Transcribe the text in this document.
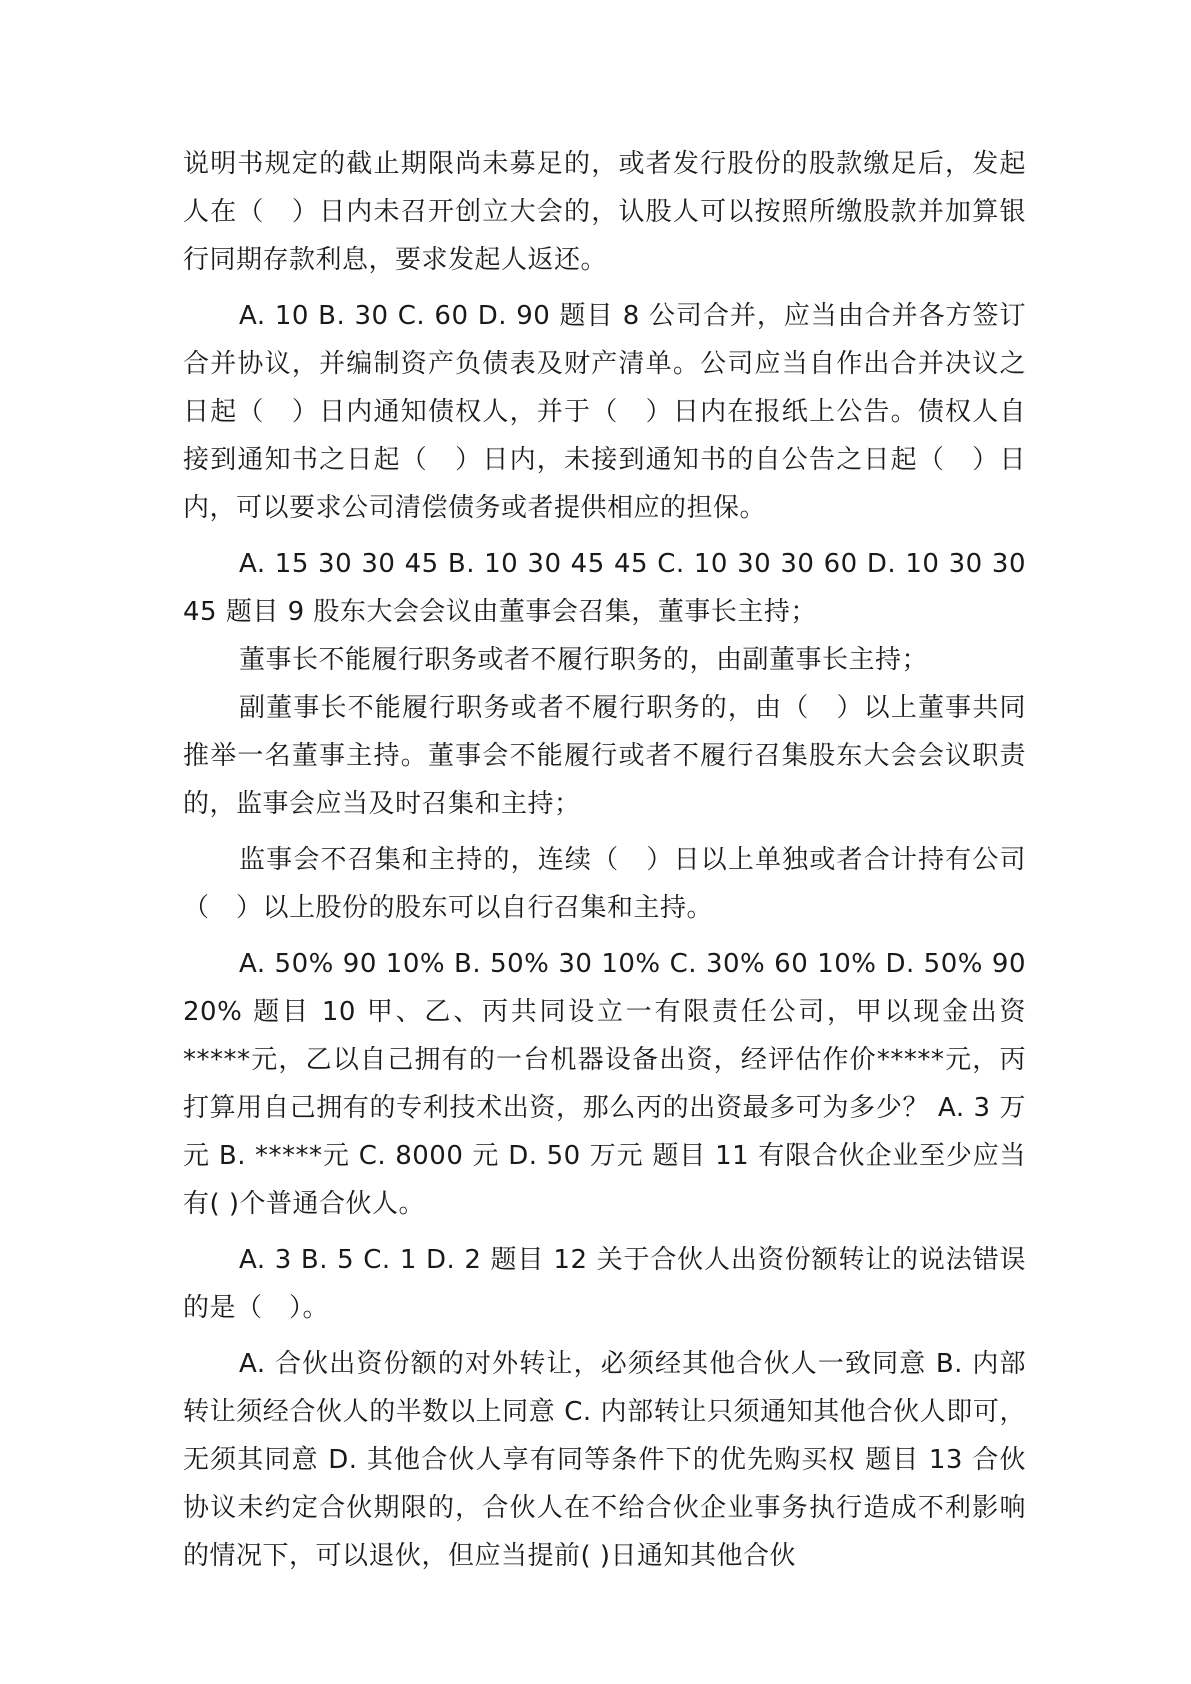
说明书规定的截止期限尚未募足的，或者发行股份的股款缴足后，发起人在（　）日内未召开创立大会的，认股人可以按照所缴股款并加算银行同期存款利息，要求发起人返还。

A. 10 B. 30 C. 60 D. 90 题目 8 公司合并，应当由合并各方签订合并协议，并编制资产负债表及财产清单。公司应当自作出合并决议之日起（　）日内通知债权人，并于（　）日内在报纸上公告。债权人自接到通知书之日起（　）日内，未接到通知书的自公告之日起（　）日内，可以要求公司清偿债务或者提供相应的担保。

A. 15 30 30 45 B. 10 30 45 45 C. 10 30 30 60 D. 10 30 30 45 题目 9 股东大会会议由董事会召集，董事长主持；

董事长不能履行职务或者不履行职务的，由副董事长主持；

副董事长不能履行职务或者不履行职务的，由（　）以上董事共同推举一名董事主持。董事会不能履行或者不履行召集股东大会会议职责的，监事会应当及时召集和主持；

监事会不召集和主持的，连续（　）日以上单独或者合计持有公司（　）以上股份的股东可以自行召集和主持。

A. 50% 90 10% B. 50% 30 10% C. 30% 60 10% D. 50% 90 20% 题目 10 甲、乙、丙共同设立一有限责任公司，甲以现金出资*****元，乙以自己拥有的一台机器设备出资，经评估作价*****元，丙打算用自己拥有的专利技术出资，那么丙的出资最多可为多少？ A. 3 万元 B. *****元 C. 8000 元 D. 50 万元 题目 11 有限合伙企业至少应当有( )个普通合伙人。

A. 3 B. 5 C. 1 D. 2 题目 12 关于合伙人出资份额转让的说法错误的是（　）。

A. 合伙出资份额的对外转让，必须经其他合伙人一致同意 B. 内部转让须经合伙人的半数以上同意 C. 内部转让只须通知其他合伙人即可，无须其同意 D. 其他合伙人享有同等条件下的优先购买权 题目 13 合伙协议未约定合伙期限的，合伙人在不给合伙企业事务执行造成不利影响的情况下，可以退伙，但应当提前( )日通知其他合伙
